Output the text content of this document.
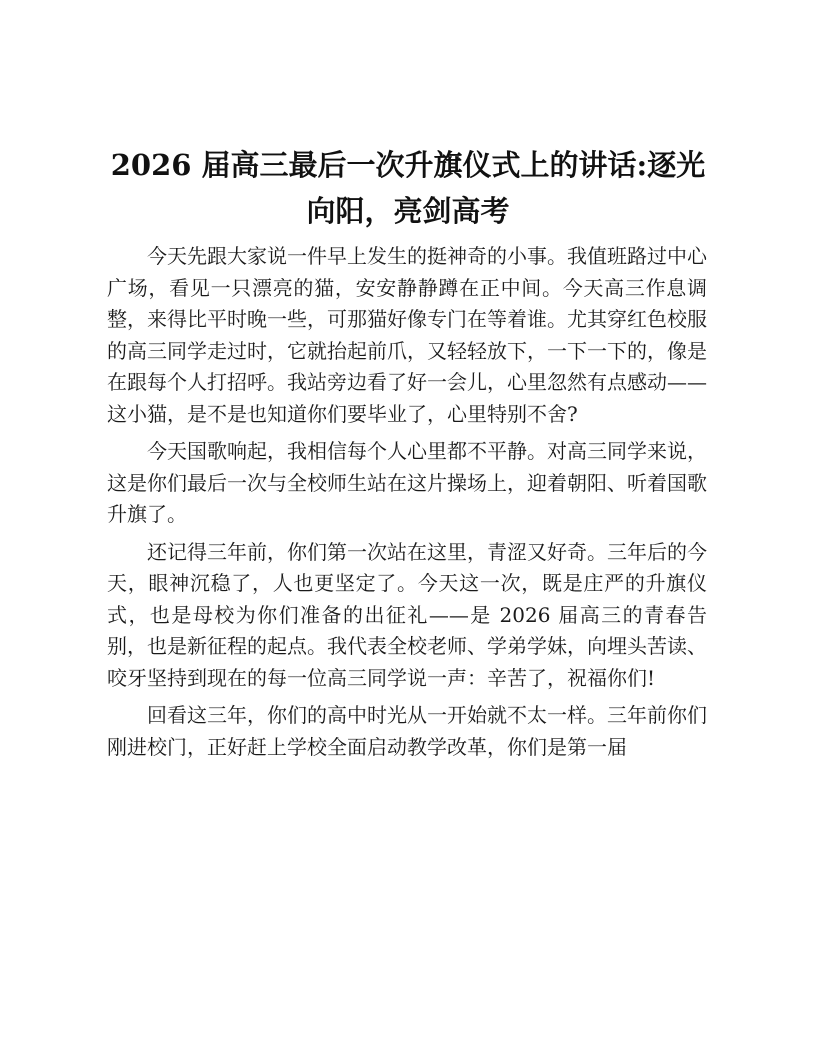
2026 届高三最后一次升旗仪式上的讲话:逐光向阳，亮剑高考

今天先跟大家说一件早上发生的挺神奇的小事。我值班路过中心广场，看见一只漂亮的猫，安安静静蹲在正中间。今天高三作息调整，来得比平时晚一些，可那猫好像专门在等着谁。尤其穿红色校服的高三同学走过时，它就抬起前爪，又轻轻放下，一下一下的，像是在跟每个人打招呼。我站旁边看了好一会儿，心里忽然有点感动——这小猫，是不是也知道你们要毕业了，心里特别不舍?

今天国歌响起，我相信每个人心里都不平静。对高三同学来说，这是你们最后一次与全校师生站在这片操场上，迎着朝阳、听着国歌升旗了。

还记得三年前，你们第一次站在这里，青涩又好奇。三年后的今天，眼神沉稳了，人也更坚定了。今天这一次，既是庄严的升旗仪式，也是母校为你们准备的出征礼——是 2026 届高三的青春告别，也是新征程的起点。我代表全校老师、学弟学妹，向埋头苦读、咬牙坚持到现在的每一位高三同学说一声：辛苦了，祝福你们!

回看这三年，你们的高中时光从一开始就不太一样。三年前你们刚进校门，正好赶上学校全面启动教学改革，你们是第一届
